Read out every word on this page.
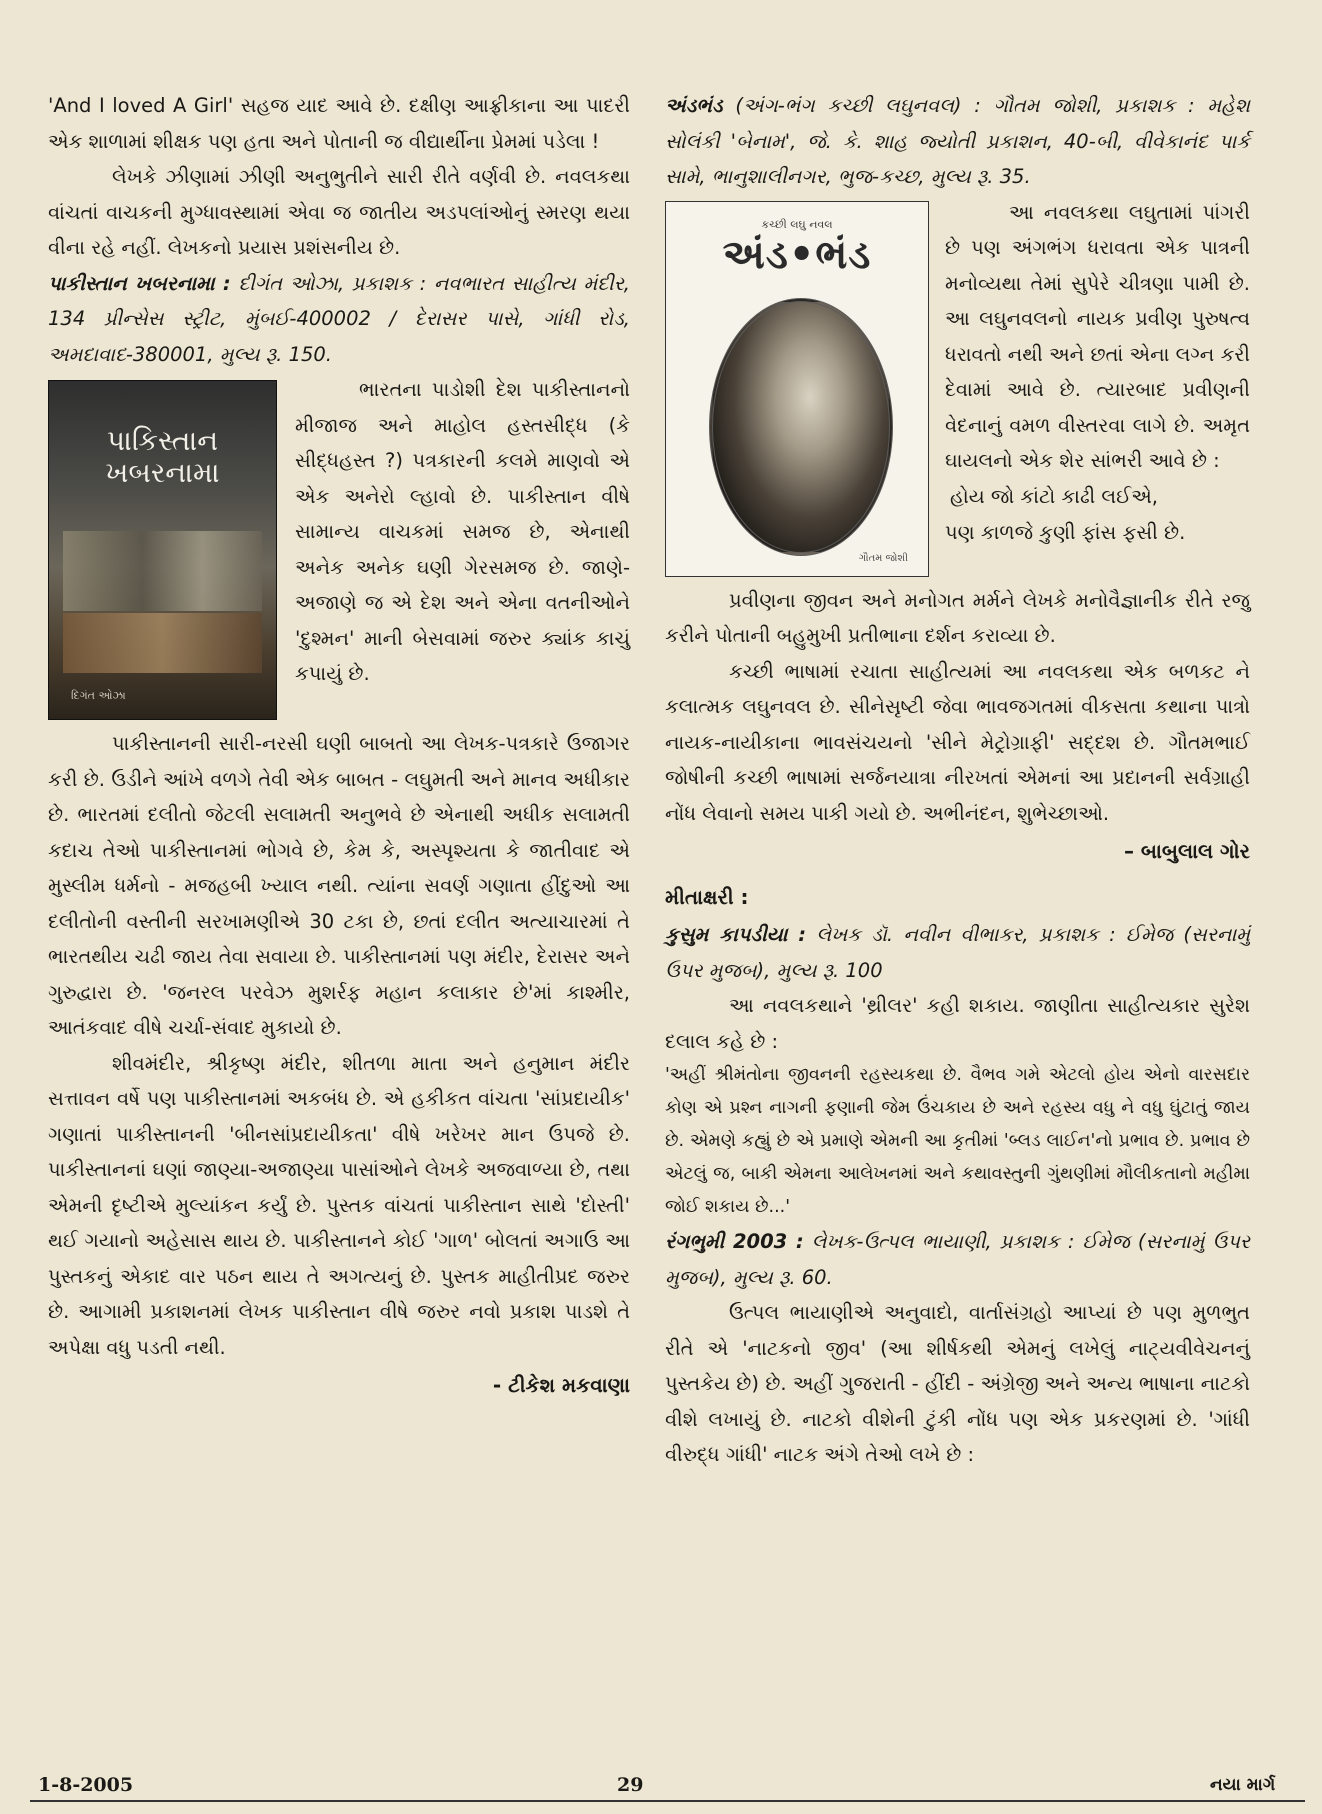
'And I loved A Girl' સહજ યાદ આવે છે. દક્ષીણ આફ્રીકાના આ પાદરી એક શાળામાં શીક્ષક પણ હતા અને પોતાની જ વીદ્યાર્થીના પ્રેમમાં પડેલા !

લેખકે ઝીણામાં ઝીણી અનુભુતીને સારી રીતે વર્ણવી છે. નવલકથા વાંચતાં વાચકની મુગ્ધાવસ્થામાં એવા જ જાતીય અડપલાંઓનું સ્મરણ થયા વીના રહે નહીં. લેખકનો પ્રયાસ પ્રશંસનીય છે.

પાકીસ્તાન ખબરનામા : દીગંત ઓઝા, પ્રકાશક : નવભારત સાહીત્ય મંદીર, 134 પ્રીન્સેસ સ્ટ્રીટ, મુંબઈ-400002 / દેરાસર પાસે, ગાંધી રોડ, અમદાવાદ-380001, મુલ્ય રૂ. 150.

પાકિસ્તાન
ખબરનામા
દિગંત ઓઝા

ભારતના પાડોશી દેશ પાકીસ્તાનનો મીજાજ અને માહોલ હસ્તસીદ્ધ (કે સીદ્ધહસ્ત ?) પત્રકારની કલમે માણવો એ એક અનેરો લ્હાવો છે. પાકીસ્તાન વીષે સામાન્ય વાચકમાં સમજ છે, એનાથી અનેક અનેક ઘણી ગેરસમજ છે. જાણે-અજાણે જ એ દેશ અને એના વતનીઓને 'દુશ્મન' માની બેસવામાં જરુર ક્યાંક કાચું કપાયું છે.

પાકીસ્તાનની સારી-નરસી ઘણી બાબતો આ લેખક-પત્રકારે ઉજાગર કરી છે. ઉડીને આંખે વળગે તેવી એક બાબત - લઘુમતી અને માનવ અધીકાર છે. ભારતમાં દલીતો જેટલી સલામતી અનુભવે છે એનાથી અધીક સલામતી કદાચ તેઓ પાકીસ્તાનમાં ભોગવે છે, કેમ કે, અસ્પૃશ્યતા કે જાતીવાદ એ મુસ્લીમ ધર્મનો - મજહબી ખ્યાલ નથી. ત્યાંના સવર્ણ ગણાતા હીંદુઓ આ દલીતોની વસ્તીની સરખામણીએ 30 ટકા છે, છતાં દલીત અત્યાચારમાં તે ભારતથીય ચઢી જાય તેવા સવાયા છે. પાકીસ્તાનમાં પણ મંદીર, દેરાસર અને ગુરુદ્વારા છે. 'જનરલ પરવેઝ મુશર્રફ મહાન કલાકાર છે'માં કાશ્મીર, આતંકવાદ વીષે ચર્ચા-સંવાદ મુકાયો છે.

શીવમંદીર, શ્રીકૃષ્ણ મંદીર, શીતળા માતા અને હનુમાન મંદીર સત્તાવન વર્ષે પણ પાકીસ્તાનમાં અકબંધ છે. એ હકીકત વાંચતા 'સાંપ્રદાયીક' ગણાતાં પાકીસ્તાનની 'બીનસાંપ્રદાયીકતા' વીષે ખરેખર માન ઉપજે છે. પાકીસ્તાનનાં ઘણાં જાણ્યા-અજાણ્યા પાસાંઓને લેખકે અજવાળ્યા છે, તથા એમની દૃષ્ટીએ મુલ્યાંકન કર્યું છે. પુસ્તક વાંચતાં પાકીસ્તાન સાથે 'દોસ્તી' થઈ ગયાનો અહેસાસ થાય છે. પાકીસ્તાનને કોઈ 'ગાળ' બોલતાં અગાઉ આ પુસ્તકનું એકાદ વાર પઠન થાય તે અગત્યનું છે. પુસ્તક માહીતીપ્રદ જરુર છે. આગામી પ્રકાશનમાં લેખક પાકીસ્તાન વીષે જરુર નવો પ્રકાશ પાડશે તે અપેક્ષા વધુ પડતી નથી.

- ટીકેશ મકવાણા

અંડભંડ (અંગ-ભંગ કચ્છી લઘુનવલ) : ગૌતમ જોશી, પ્રકાશક : મહેશ સોલંકી 'બેનામ', જે. કે. શાહ જ્યોતી પ્રકાશન, 40-બી, વીવેકાનંદ પાર્ક સામે, ભાનુશાલીનગર, ભુજ-કચ્છ, મુલ્ય રૂ. 35.

કચ્છી લઘુ નવલ
અંડ•ભંડ
ગૌતમ જોશી

આ નવલકથા લઘુતામાં પાંગરી છે પણ અંગભંગ ધરાવતા એક પાત્રની મનોવ્યથા તેમાં સુપેરે ચીત્રણા પામી છે. આ લઘુનવલનો નાયક પ્રવીણ પુરુષત્વ ધરાવતો નથી અને છતાં એના લગ્ન કરી દેવામાં આવે છે. ત્યારબાદ પ્રવીણની વેદનાનું વમળ વીસ્તરવા લાગે છે. અમૃત ઘાયલનો એક શેર સાંભરી આવે છે :

હોય જો કાંટો કાઢી લઈએ,
પણ કાળજે કુણી ફાંસ ફસી છે.

પ્રવીણના જીવન અને મનોગત મર્મને લેખકે મનોવૈજ્ઞાનીક રીતે રજુ કરીને પોતાની બહુમુખી પ્રતીભાના દર્શન કરાવ્યા છે.

કચ્છી ભાષામાં રચાતા સાહીત્યમાં આ નવલકથા એક બળકટ ને કલાત્મક લઘુનવલ છે. સીનેસૃષ્ટી જેવા ભાવજગતમાં વીકસતા કથાના પાત્રો નાયક-નાયીકાના ભાવસંચયનો 'સીને મેટ્રોગ્રાફી' સદ્દશ છે. ગૌતમભાઈ જોષીની કચ્છી ભાષામાં સર્જનયાત્રા નીરખતાં એમનાં આ પ્રદાનની સર્વગ્રાહી નોંધ લેવાનો સમય પાકી ગયો છે. અભીનંદન, શુભેચ્છાઓ.

– બાબુલાલ ગોર
મીતાક્ષરી :

કુસુમ કાપડીયા : લેખક ડૉ. નવીન વીભાકર, પ્રકાશક : ઈમેજ (સરનામું ઉપર મુજબ), મુલ્ય રૂ. 100

આ નવલકથાને 'થ્રીલર' કહી શકાય. જાણીતા સાહીત્યકાર સુરેશ દલાલ કહે છે :

'અહીં શ્રીમંતોના જીવનની રહસ્યકથા છે. વૈભવ ગમે એટલો હોય એનો વારસદાર કોણ એ પ્રશ્ન નાગની ફણાની જેમ ઉંચકાય છે અને રહસ્ય વધુ ને વધુ ઘુંટાતું જાય છે. એમણે કહ્યું છે એ પ્રમાણે એમની આ કૃતીમાં 'બ્લડ લાઈન'નો પ્રભાવ છે. પ્રભાવ છે એટલું જ, બાકી એમના આલેખનમાં અને કથાવસ્તુની ગુંથણીમાં મૌલીકતાનો મહીમા જોઈ શકાય છે...'

રંગભુમી 2003 : લેખક-ઉત્પલ ભાયાણી, પ્રકાશક : ઈમેજ (સરનામું ઉપર મુજબ), મુલ્ય રૂ. 60.

ઉત્પલ ભાયાણીએ અનુવાદો, વાર્તાસંગ્રહો આપ્યાં છે પણ મુળભુત રીતે એ 'નાટકનો જીવ' (આ શીર્ષકથી એમનું લખેલું નાટ્યવીવેચનનું પુસ્તકેય છે) છે. અહીં ગુજરાતી - હીંદી - અંગ્રેજી અને અન્ય ભાષાના નાટકો વીશે લખાયું છે. નાટકો વીશેની ટુંકી નોંધ પણ એક પ્રકરણમાં છે. 'ગાંધી વીરુદ્ધ ગાંધી' નાટક અંગે તેઓ લખે છે :

1-8-2005	29	નયા માર્ગ
